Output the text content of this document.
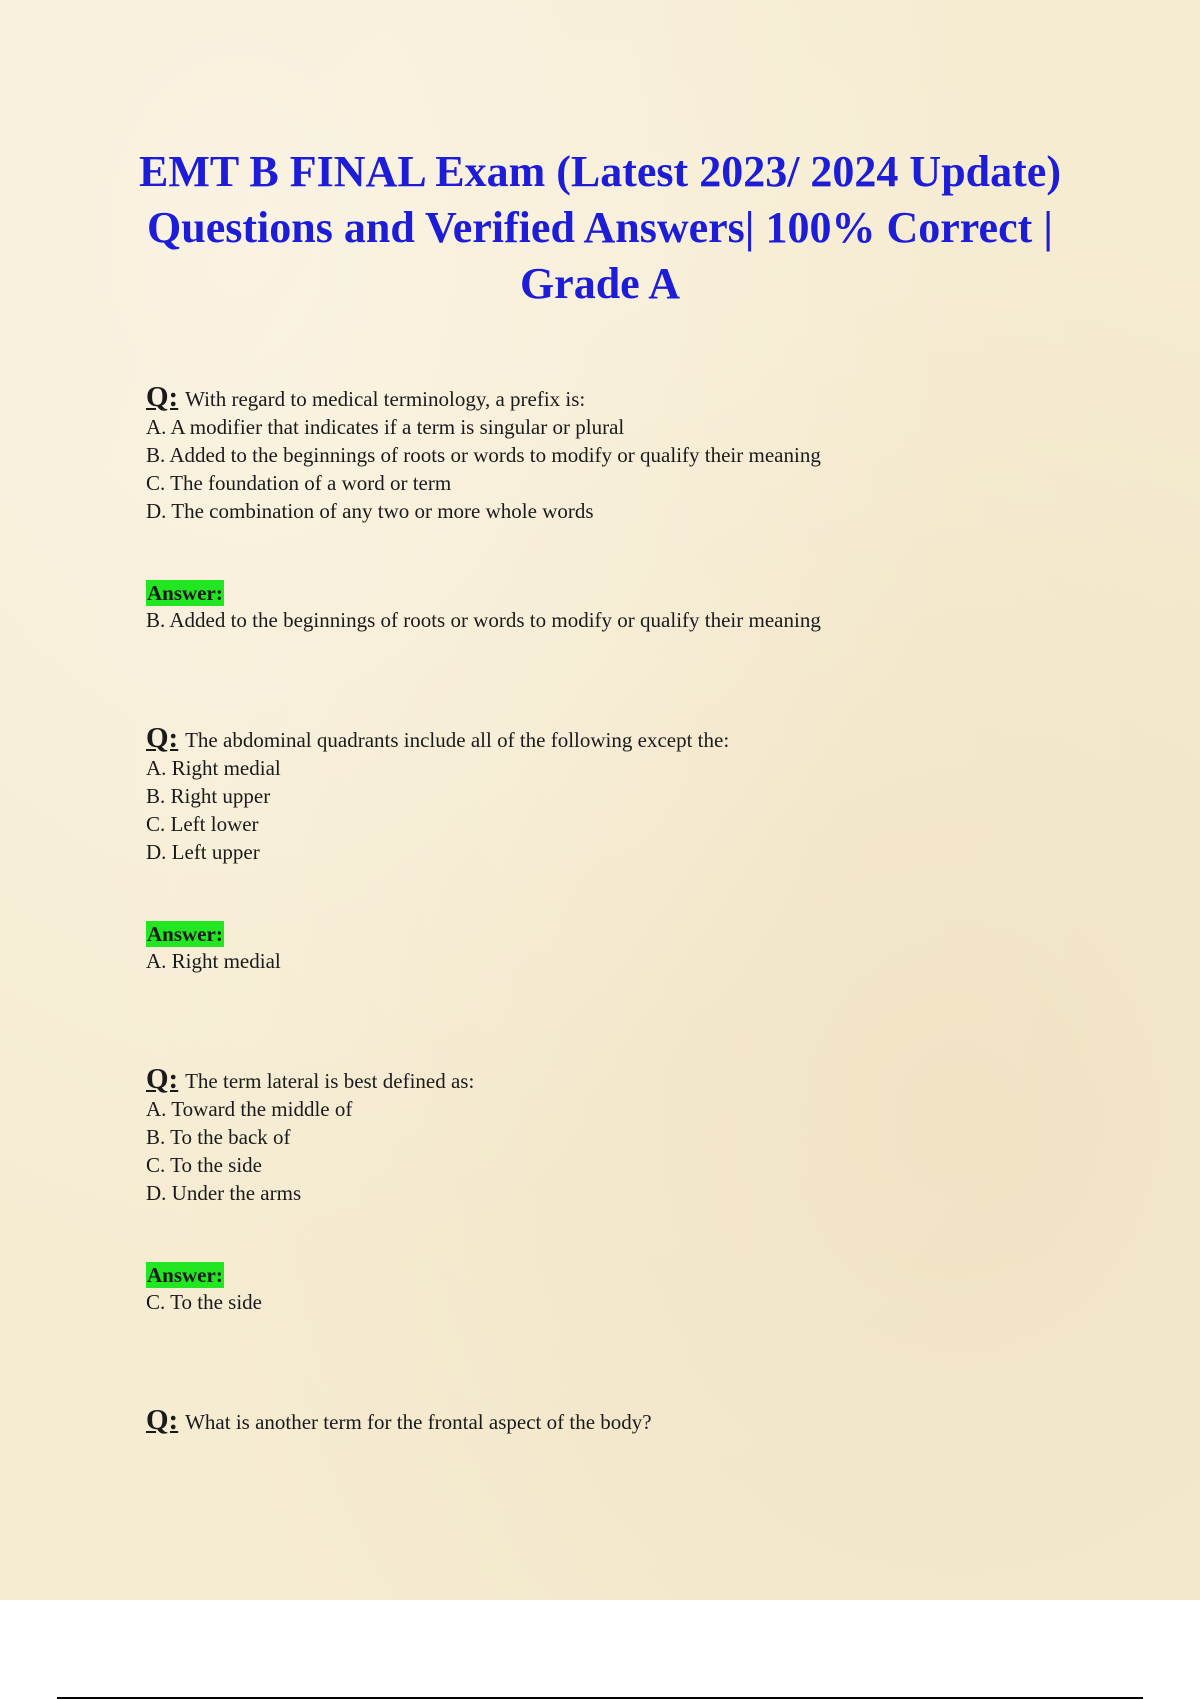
EMT B FINAL Exam (Latest 2023/ 2024 Update) Questions and Verified Answers| 100% Correct | Grade A

Q: With regard to medical terminology, a prefix is:

A. A modifier that indicates if a term is singular or plural

B. Added to the beginnings of roots or words to modify or qualify their meaning

C. The foundation of a word or term

D. The combination of any two or more whole words

Answer:

B. Added to the beginnings of roots or words to modify or qualify their meaning

Q: The abdominal quadrants include all of the following except the:

A. Right medial

B. Right upper

C. Left lower

D. Left upper

Answer:

A. Right medial

Q: The term lateral is best defined as:

A. Toward the middle of

B. To the back of

C. To the side

D. Under the arms

Answer:

C. To the side

Q: What is another term for the frontal aspect of the body?
